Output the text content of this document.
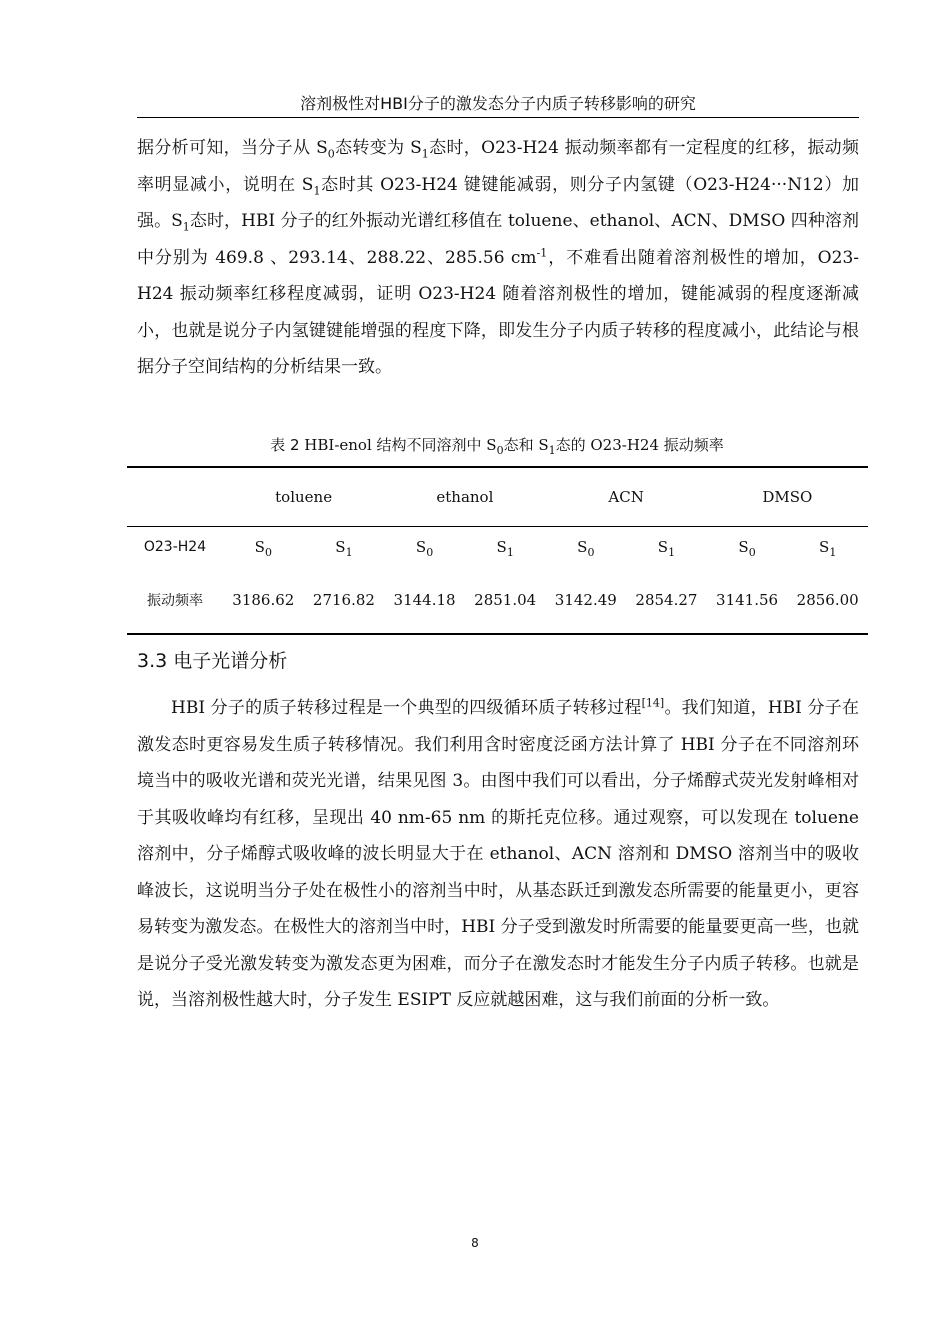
溶剂极性对HBI分子的激发态分子内质子转移影响的研究

据分析可知，当分子从 $S_0$态转变为 $S_1$态时，O23-H24 振动频率都有一定程度的红移，振动频率明显减小，说明在 $S_1$态时其 O23-H24 键键能减弱，则分子内氢键（O23-H24···N12）加强。$S_1$态时，HBI 分子的红外振动光谱红移值在 toluene、ethanol、ACN、DMSO 四种溶剂中分别为 469.8 、293.14、288.22、285.56 $cm^{-1}$，不难看出随着溶剂极性的增加，O23-H24 振动频率红移程度减弱，证明 O23-H24 随着溶剂极性的增加，键能减弱的程度逐渐减小，也就是说分子内氢键键能增强的程度下降，即发生分子内质子转移的程度减小，此结论与根据分子空间结构的分析结果一致。

表 2 HBI-enol 结构不同溶剂中 $S_0$态和 $S_1$态的 O23-H24 振动频率
	toluene		ethanol		ACN		DMSO	
O23-H24	$S_0$	$S_1$	$S_0$	$S_1$	$S_0$	$S_1$	$S_0$	$S_1$
振动频率	3186.62	2716.82	3144.18	2851.04	3142.49	2854.27	3141.56	2856.00
3.3 电子光谱分析

HBI 分子的质子转移过程是一个典型的四级循环质子转移过程[14]。我们知道，HBI 分子在激发态时更容易发生质子转移情况。我们利用含时密度泛函方法计算了 HBI 分子在不同溶剂环境当中的吸收光谱和荧光光谱，结果见图 3。由图中我们可以看出，分子烯醇式荧光发射峰相对于其吸收峰均有红移，呈现出 40 nm-65 nm 的斯托克位移。通过观察，可以发现在 toluene 溶剂中，分子烯醇式吸收峰的波长明显大于在 ethanol、ACN 溶剂和 DMSO 溶剂当中的吸收峰波长，这说明当分子处在极性小的溶剂当中时，从基态跃迁到激发态所需要的能量更小，更容易转变为激发态。在极性大的溶剂当中时，HBI 分子受到激发时所需要的能量要更高一些，也就是说分子受光激发转变为激发态更为困难，而分子在激发态时才能发生分子内质子转移。也就是说，当溶剂极性越大时，分子发生 ESIPT 反应就越困难，这与我们前面的分析一致。

8
